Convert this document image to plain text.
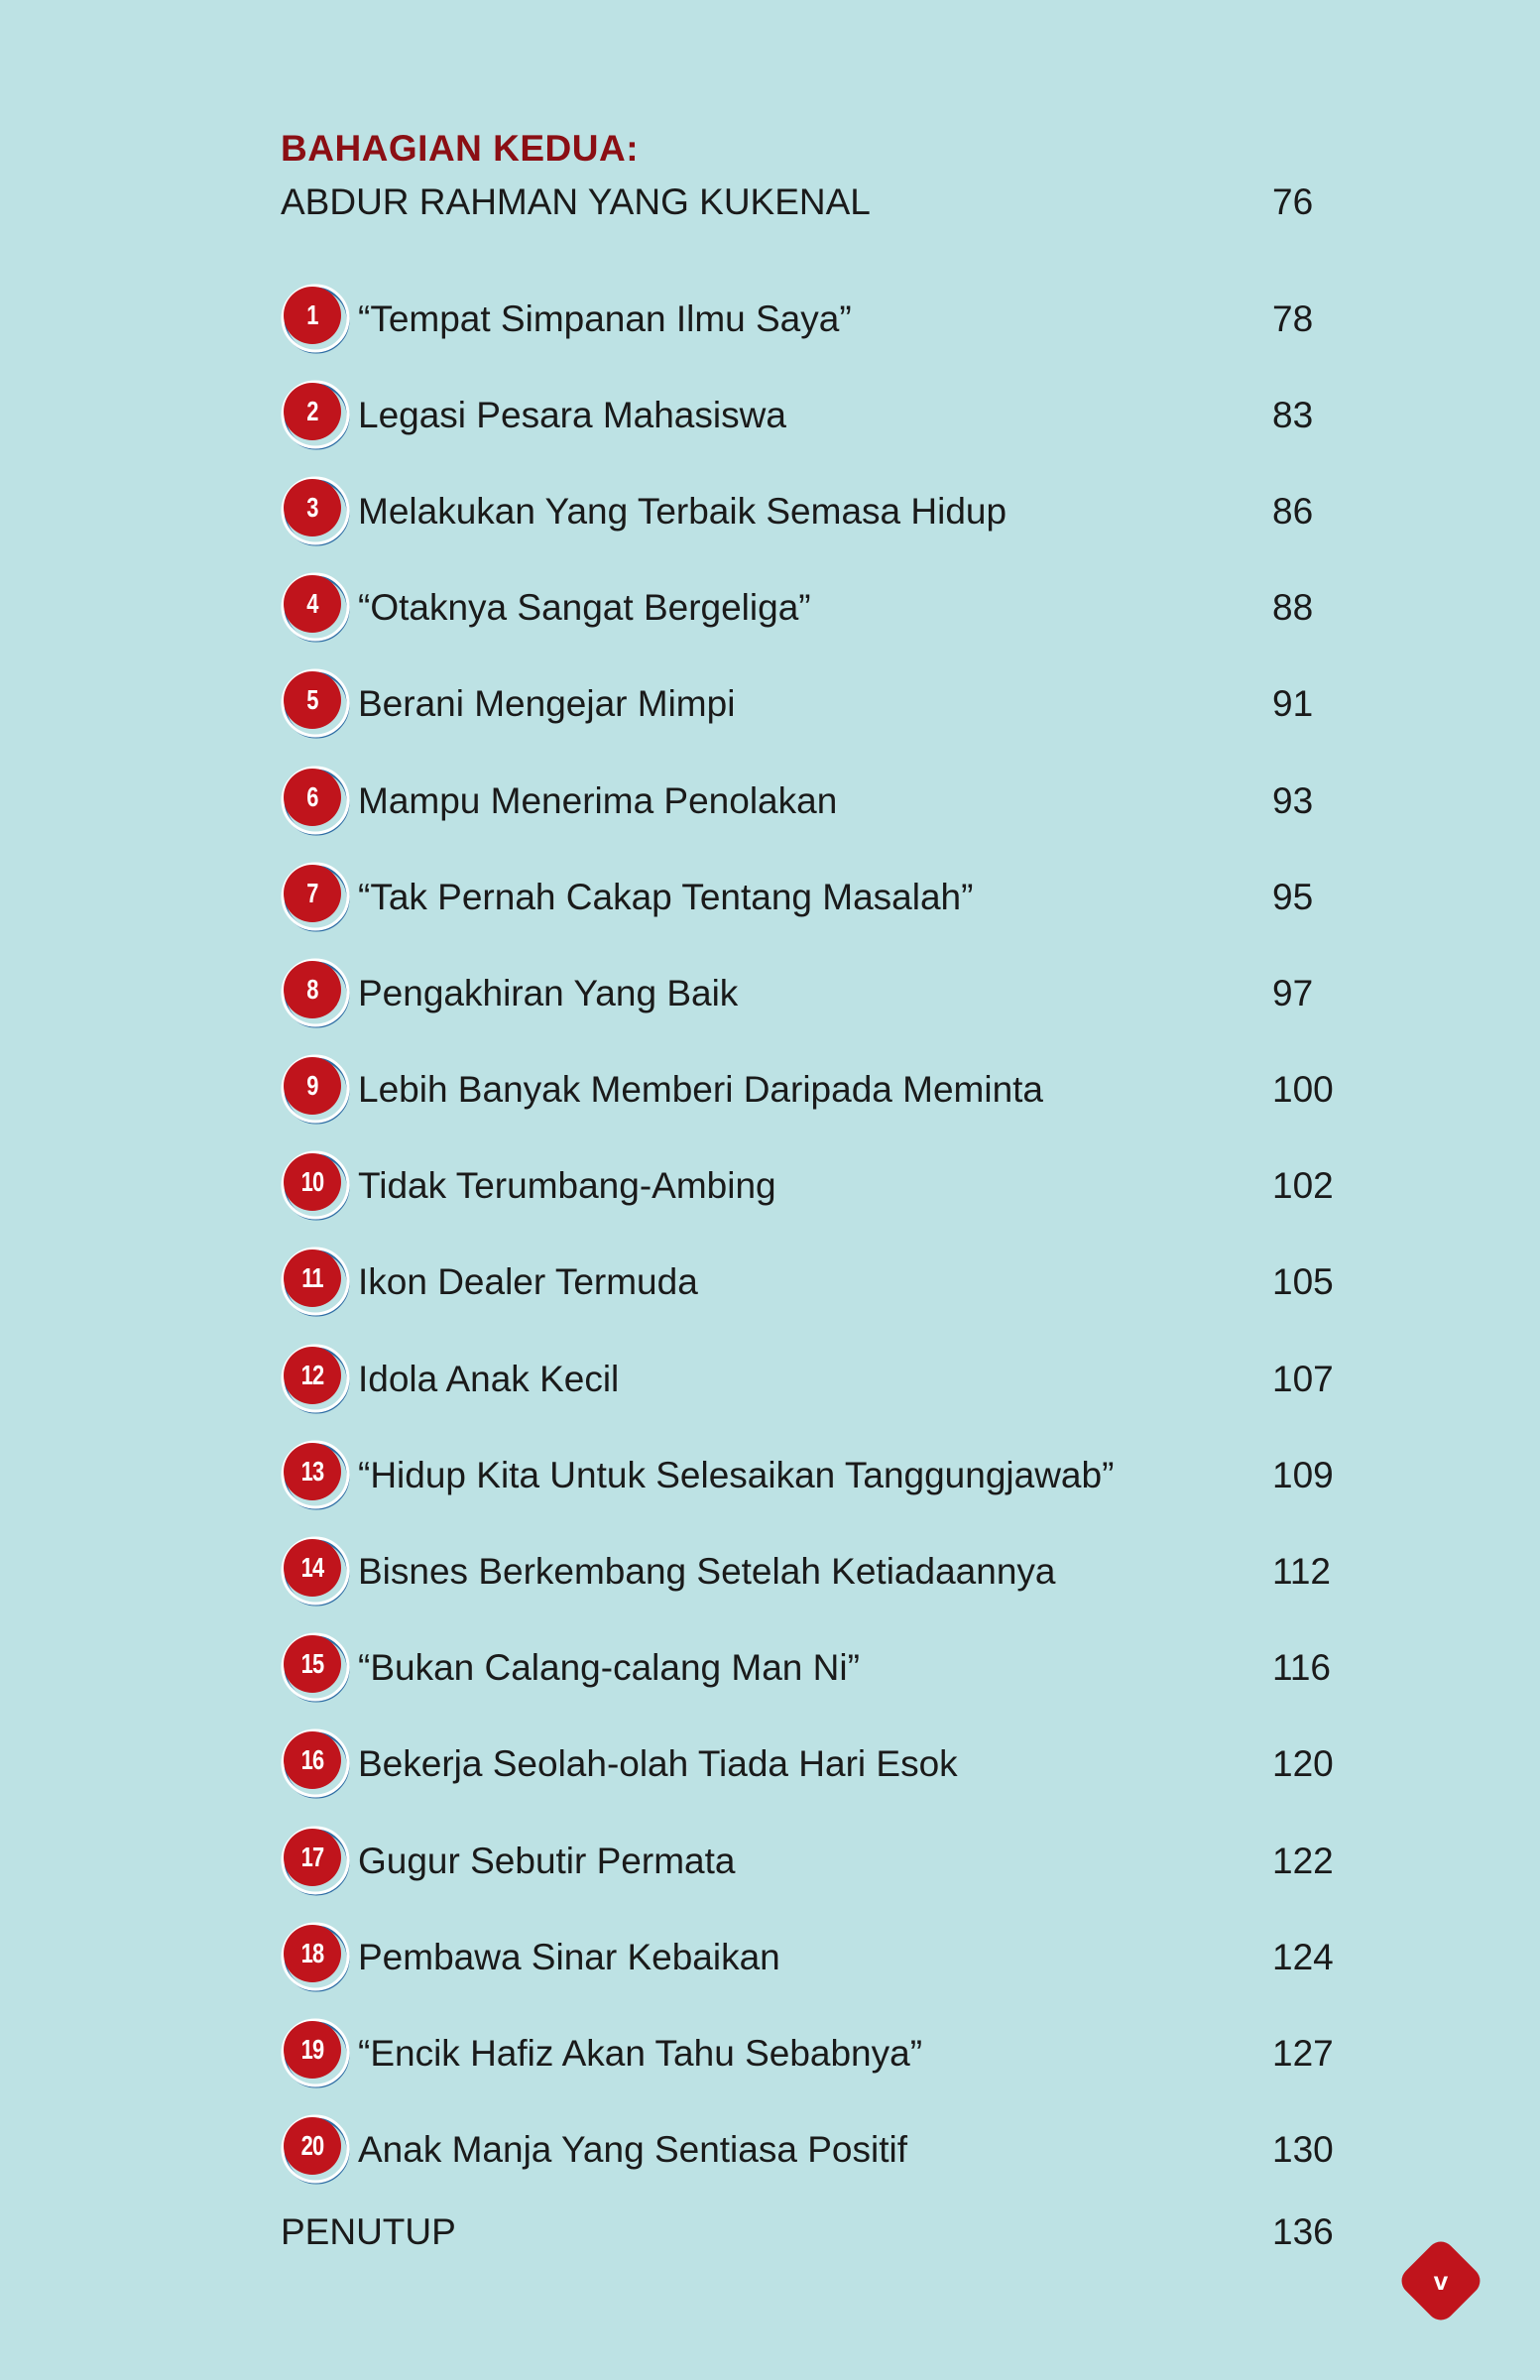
BAHAGIAN KEDUA:
ABDUR RAHMAN YANG KUKENAL	76
1	“Tempat Simpanan Ilmu Saya”	78
2	Legasi Pesara Mahasiswa	83
3	Melakukan Yang Terbaik Semasa Hidup	86
4	“Otaknya Sangat Bergeliga”	88
5	Berani Mengejar Mimpi	91
6	Mampu Menerima Penolakan	93
7	“Tak Pernah Cakap Tentang Masalah”	95
8	Pengakhiran Yang Baik	97
9	Lebih Banyak Memberi Daripada Meminta	100
10 Tidak Terumbang-Ambing	102
11 Ikon Dealer Termuda	105
12 Idola Anak Kecil	107
13 “Hidup Kita Untuk Selesaikan Tanggungjawab”	109
14 Bisnes Berkembang Setelah Ketiadaannya	112
15 “Bukan Calang-calang Man Ni”	116
16 Bekerja Seolah-olah Tiada Hari Esok	120
17 Gugur Sebutir Permata	122
18 Pembawa Sinar Kebaikan	124
19 “Encik Hafiz Akan Tahu Sebabnya”	127
20 Anak Manja Yang Sentiasa Positif	130
PENUTUP	136
v
